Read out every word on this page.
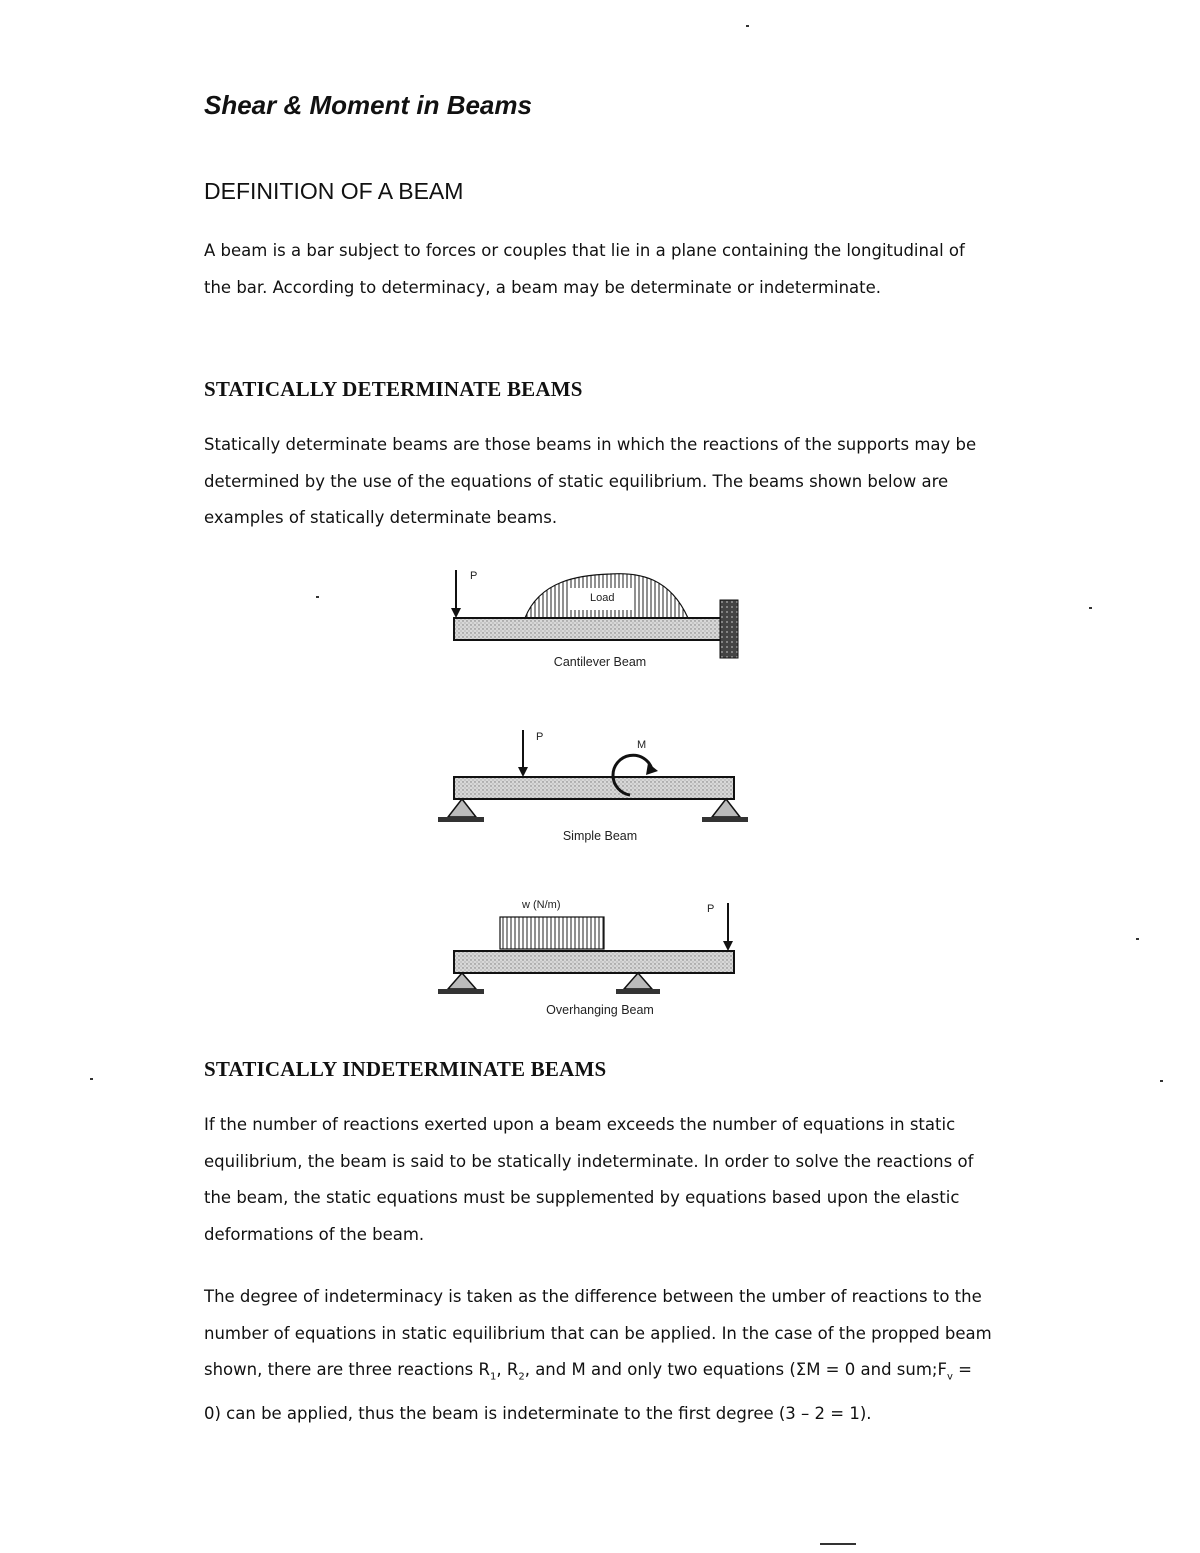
Shear & Moment in Beams
DEFINITION OF A BEAM

A beam is a bar subject to forces or couples that lie in a plane containing the longitudinal of the bar. According to determinacy, a beam may be determinate or indeterminate.

STATICALLY DETERMINATE BEAMS

Statically determinate beams are those beams in which the reactions of the supports may be determined by the use of the equations of static equilibrium. The beams shown below are examples of statically determinate beams.

P
Load
Cantilever Beam
P
M
Simple Beam
w (N/m)	P
Overhanging Beam
STATICALLY INDETERMINATE BEAMS

If the number of reactions exerted upon a beam exceeds the number of equations in static equilibrium, the beam is said to be statically indeterminate. In order to solve the reactions of the beam, the static equations must be supplemented by equations based upon the elastic deformations of the beam.

The degree of indeterminacy is taken as the difference between the umber of reactions to the number of equations in static equilibrium that can be applied. In the case of the propped beam shown, there are three reactions $R_1$, $R_2$, and M and only two equations (ΣM = 0 and $sum;F_v = 0$) can be applied, thus the beam is indeterminate to the first degree (3 – 2 = 1).
